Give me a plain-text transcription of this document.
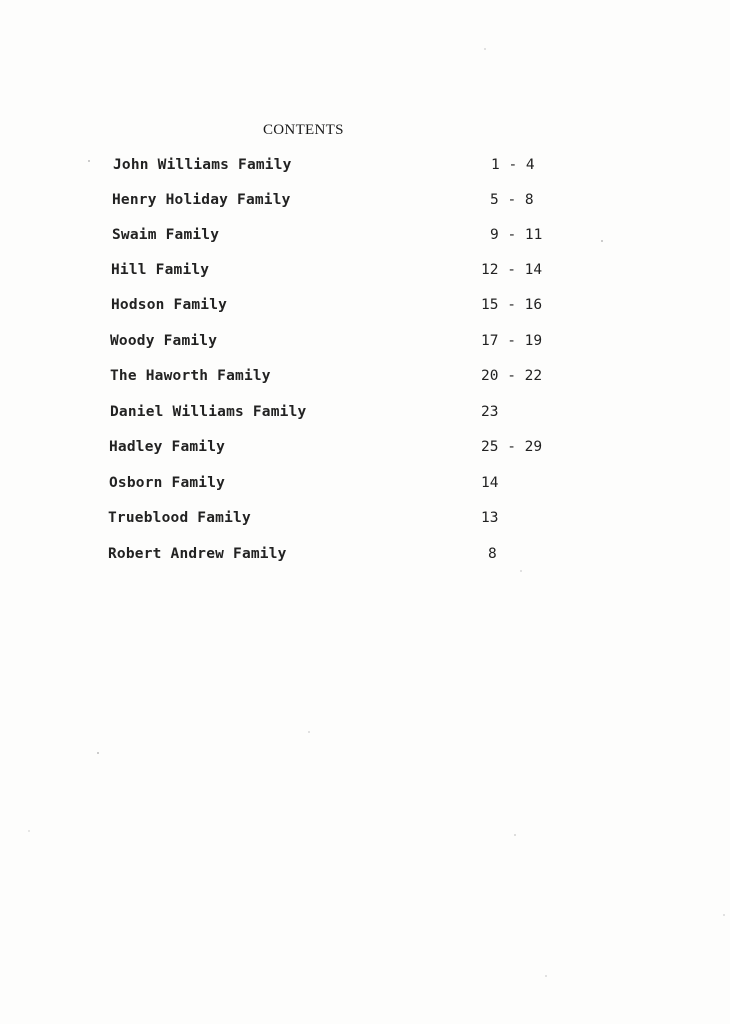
CONTENTS
John Williams Family	1 - 4
Henry Holiday Family	5 - 8
Swaim Family	9 - 11
Hill Family	12 - 14
Hodson Family	15 - 16
Woody Family	17 - 19
The Haworth Family	20 - 22
Daniel Williams Family	23
Hadley Family	25 - 29
Osborn Family	14
Trueblood Family	13
Robert Andrew Family	8
